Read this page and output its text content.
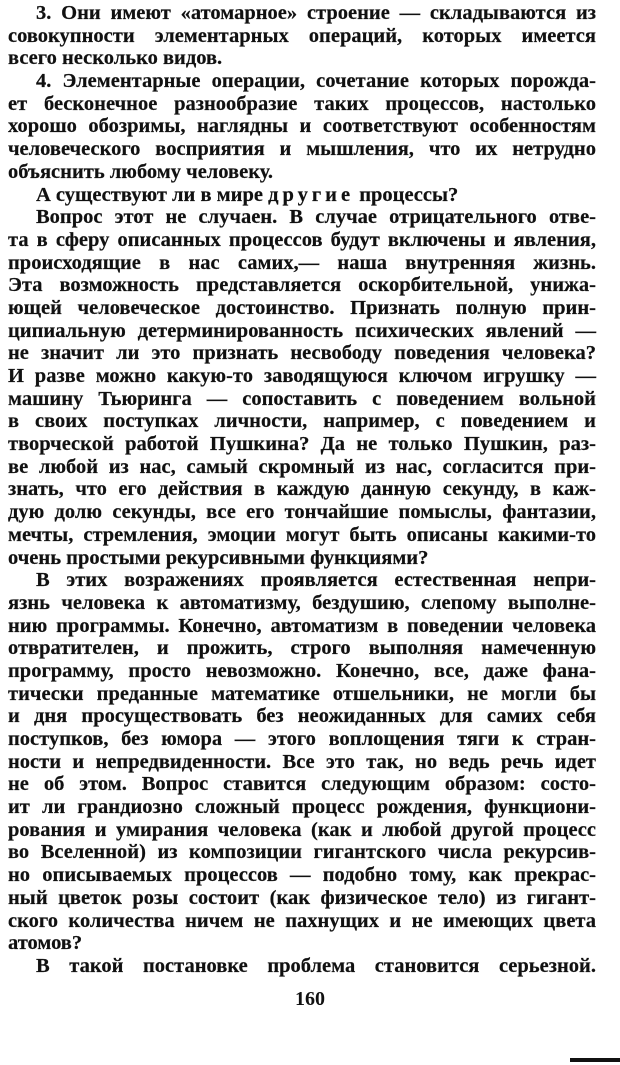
3. Они имеют «атомарное» строение — складываются из
совокупности элементарных операций, которых имеется
всего несколько видов.
4. Элементарные операции, сочетание которых порожда-
ет бесконечное разнообразие таких процессов, настолько
хорошо обозримы, наглядны и соответствуют особенностям
человеческого восприятия и мышления, что их нетрудно
объяснить любому человеку.
А существуют ли в мире другие процессы?
Вопрос этот не случаен. В случае отрицательного отве-
та в сферу описанных процессов будут включены и явления,
происходящие в нас самих,— наша внутренняя жизнь.
Эта возможность представляется оскорбительной, унижа-
ющей человеческое достоинство. Признать полную прин-
ципиальную детерминированность психических явлений —
не значит ли это признать несвободу поведения человека?
И разве можно какую-то заводящуюся ключом игрушку —
машину Тьюринга — сопоставить с поведением вольной
в своих поступках личности, например, с поведением и
творческой работой Пушкина? Да не только Пушкин, раз-
ве любой из нас, самый скромный из нас, согласится при-
знать, что его действия в каждую данную секунду, в каж-
дую долю секунды, все его тончайшие помыслы, фантазии,
мечты, стремления, эмоции могут быть описаны какими-то
очень простыми рекурсивными функциями?
В этих возражениях проявляется естественная непри-
язнь человека к автоматизму, бездушию, слепому выполне-
нию программы. Конечно, автоматизм в поведении человека
отвратителен, и прожить, строго выполняя намеченную
программу, просто невозможно. Конечно, все, даже фана-
тически преданные математике отшельники, не могли бы
и дня просуществовать без неожиданных для самих себя
поступков, без юмора — этого воплощения тяги к стран-
ности и непредвиденности. Все это так, но ведь речь идет
не об этом. Вопрос ставится следующим образом: состо-
ит ли грандиозно сложный процесс рождения, функциони-
рования и умирания человека (как и любой другой процесс
во Вселенной) из композиции гигантского числа рекурсив-
но описываемых процессов — подобно тому, как прекрас-
ный цветок розы состоит (как физическое тело) из гигант-
ского количества ничем не пахнущих и не имеющих цвета
атомов?
В такой постановке проблема становится серьезной.
160
